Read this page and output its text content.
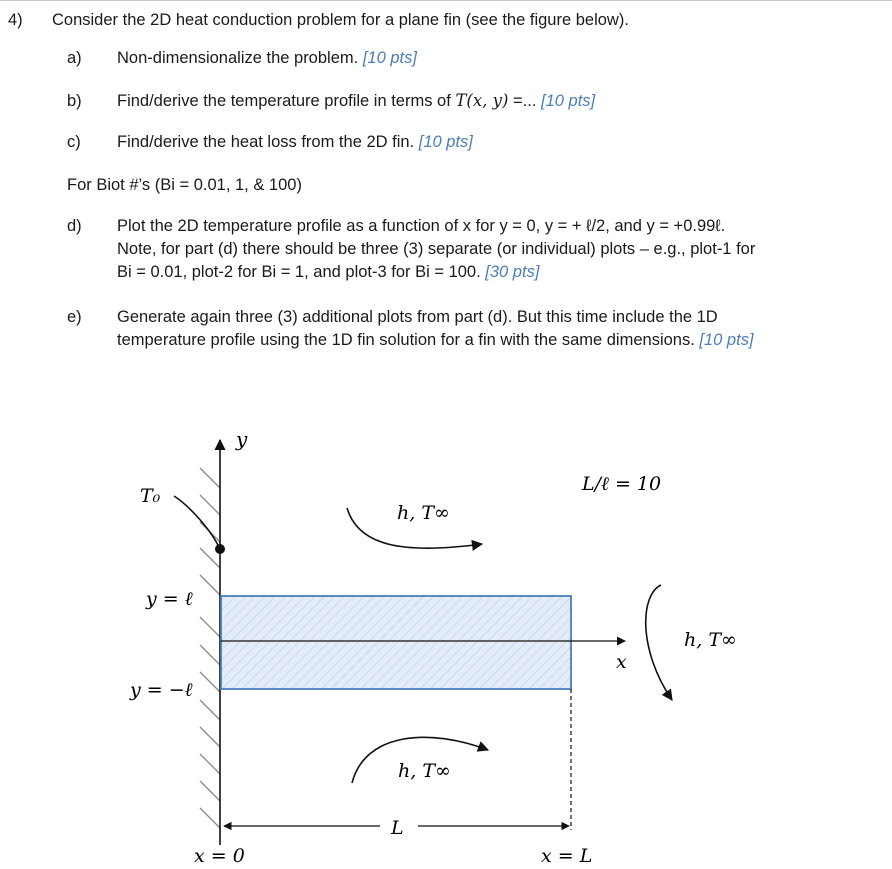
4) Consider the 2D heat conduction problem for a plane fin (see the figure below).
a) Non-dimensionalize the problem. [10 pts]
b) Find/derive the temperature profile in terms of T(x, y) =... [10 pts]
c) Find/derive the heat loss from the 2D fin. [10 pts]
For Biot #’s (Bi = 0.01, 1, & 100)
d) Plot the 2D temperature profile as a function of x for y = 0, y = + ℓ/2, and y = +0.99ℓ.
Note, for part (d) there should be three (3) separate (or individual) plots – e.g., plot-1 for
Bi = 0.01, plot-2 for Bi = 1, and plot-3 for Bi = 100. [30 pts]
e) Generate again three (3) additional plots from part (d). But this time include the 1D
temperature profile using the 1D fin solution for a fin with the same dimensions. [10 pts]
y
T₀
L/ℓ = 10
h, T∞
y = ℓ
h, T∞
x
y = −ℓ
h, T∞
L
x = 0	x = L
